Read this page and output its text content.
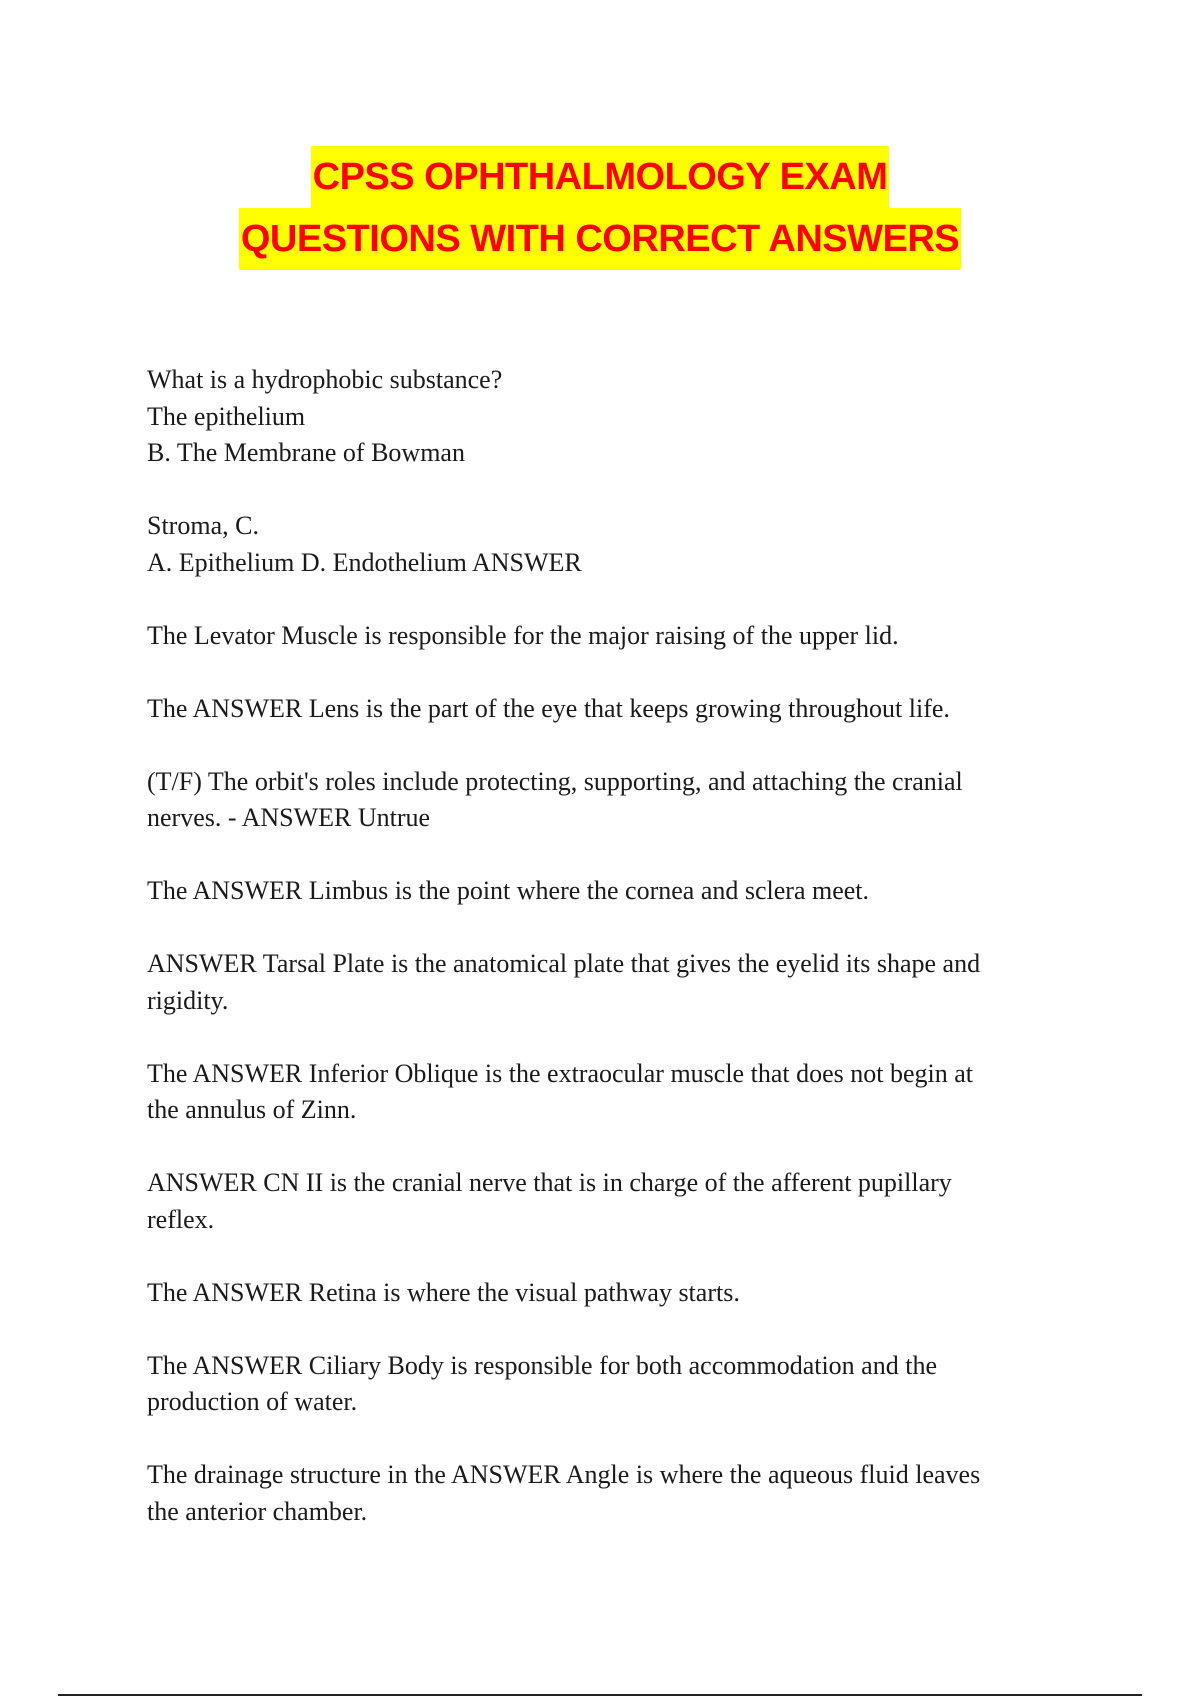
CPSS OPHTHALMOLOGY EXAM
QUESTIONS WITH CORRECT ANSWERS
What is a hydrophobic substance?
The epithelium
B. The Membrane of Bowman
Stroma, C.
A. Epithelium D. Endothelium ANSWER
The Levator Muscle is responsible for the major raising of the upper lid.
The ANSWER Lens is the part of the eye that keeps growing throughout life.
(T/F) The orbit's roles include protecting, supporting, and attaching the cranial
nerves. - ANSWER Untrue
The ANSWER Limbus is the point where the cornea and sclera meet.
ANSWER Tarsal Plate is the anatomical plate that gives the eyelid its shape and
rigidity.
The ANSWER Inferior Oblique is the extraocular muscle that does not begin at
the annulus of Zinn.
ANSWER CN II is the cranial nerve that is in charge of the afferent pupillary
reflex.
The ANSWER Retina is where the visual pathway starts.
The ANSWER Ciliary Body is responsible for both accommodation and the
production of water.
The drainage structure in the ANSWER Angle is where the aqueous fluid leaves
the anterior chamber.
